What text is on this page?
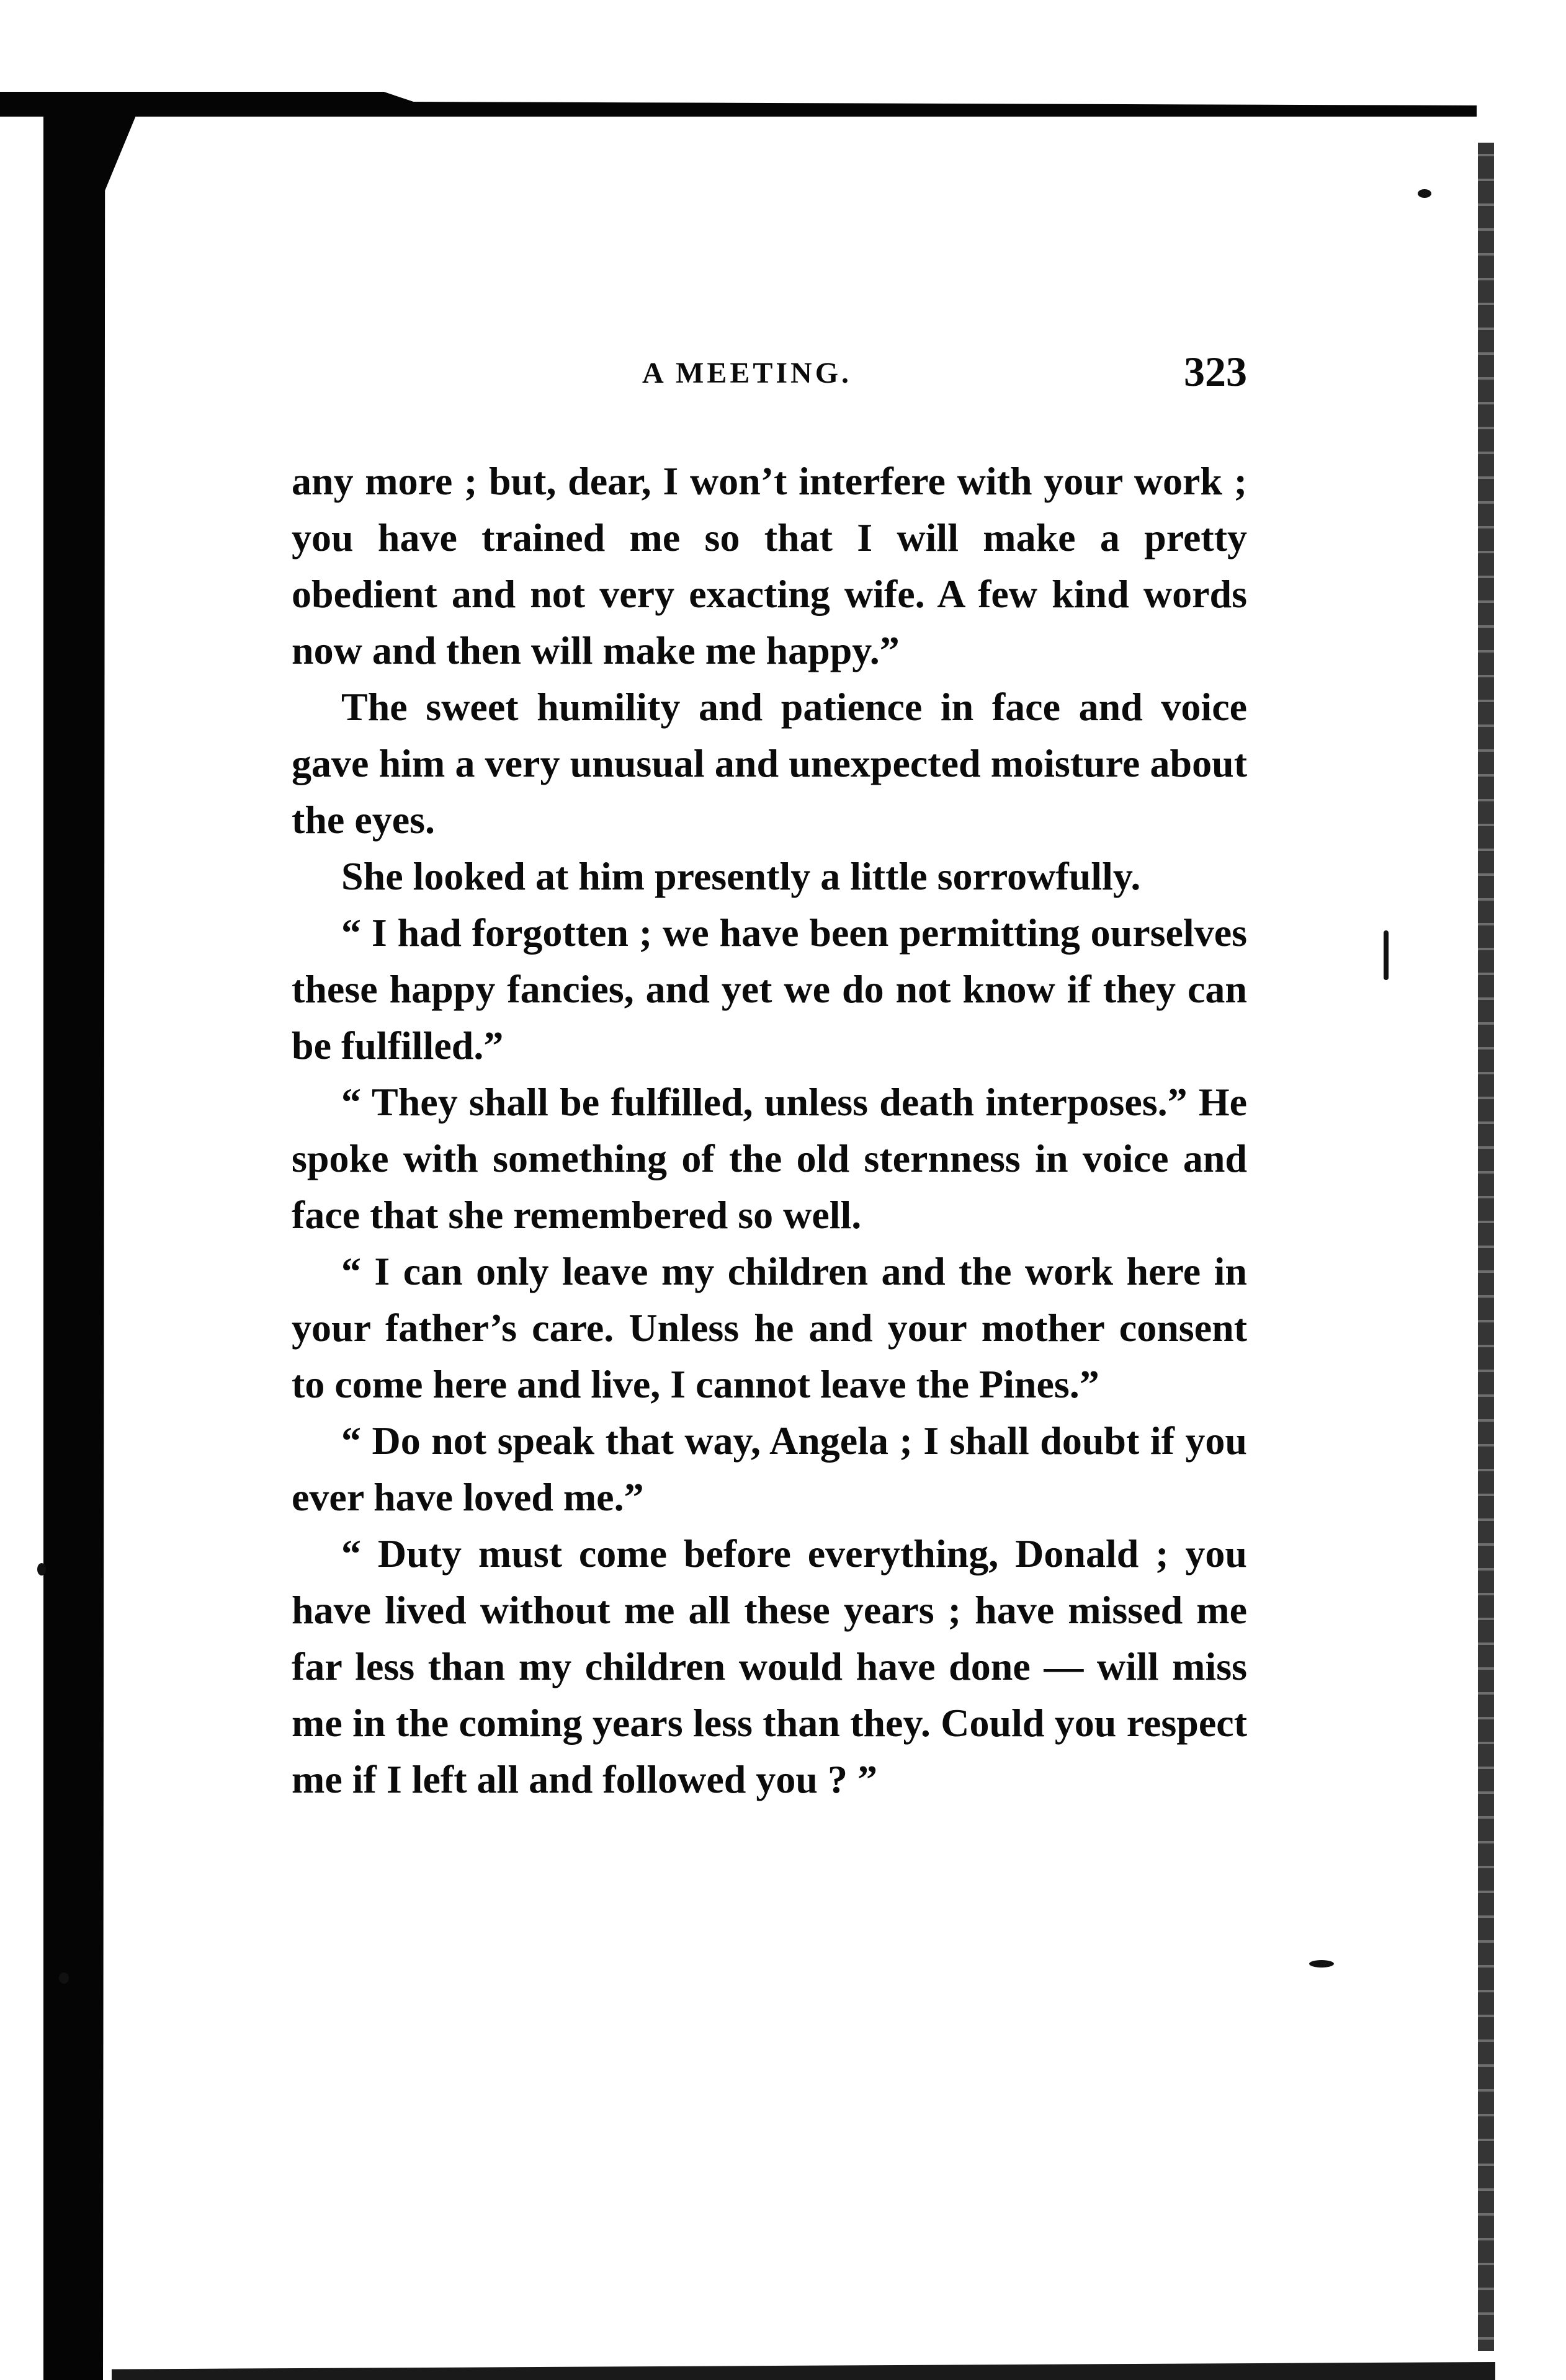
A MEETING.	323

any more ; but, dear, I won’t interfere with your work ; you have trained me so that I will make a pretty obedient and not very exacting wife. A few kind words now and then will make me happy.”

The sweet humility and patience in face and voice gave him a very unusual and unexpected moisture about the eyes.

She looked at him presently a little sorrowfully.

“ I had forgotten ; we have been permitting ourselves these happy fancies, and yet we do not know if they can be fulfilled.”

“ They shall be fulfilled, unless death interposes.” He spoke with something of the old sternness in voice and face that she remembered so well.

“ I can only leave my children and the work here in your father’s care. Unless he and your mother consent to come here and live, I cannot leave the Pines.”

“ Do not speak that way, Angela ; I shall doubt if you ever have loved me.”

“ Duty must come before everything, Donald ; you have lived without me all these years ; have missed me far less than my children would have done — will miss me in the coming years less than they. Could you respect me if I left all and followed you ? ”
